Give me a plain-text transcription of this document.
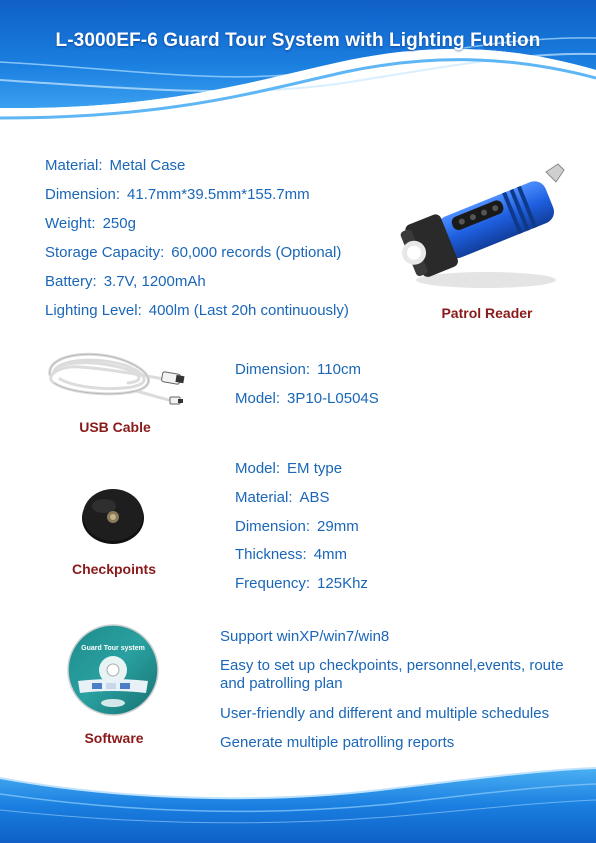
L-3000EF-6 Guard Tour System with Lighting Funtion
Material: Metal Case
Dimension: 41.7mm*39.5mm*155.7mm
Weight: 250g
Storage Capacity: 60,000 records (Optional)
Battery: 3.7V, 1200mAh
Lighting Level: 400lm (Last 20h continuously)	Patrol Reader
USB Cable
Dimension: 110cm
Model: 3P10-L0504S
Checkpoints
Model: EM type
Material: ABS
Dimension: 29mm
Thickness: 4mm
Frequency: 125Khz
Guard Tour system
Software
Support winXP/win7/win8
Easy to set up checkpoints, personnel,events, route and patrolling plan
User-friendly and different and multiple schedules
Generate multiple patrolling reports
